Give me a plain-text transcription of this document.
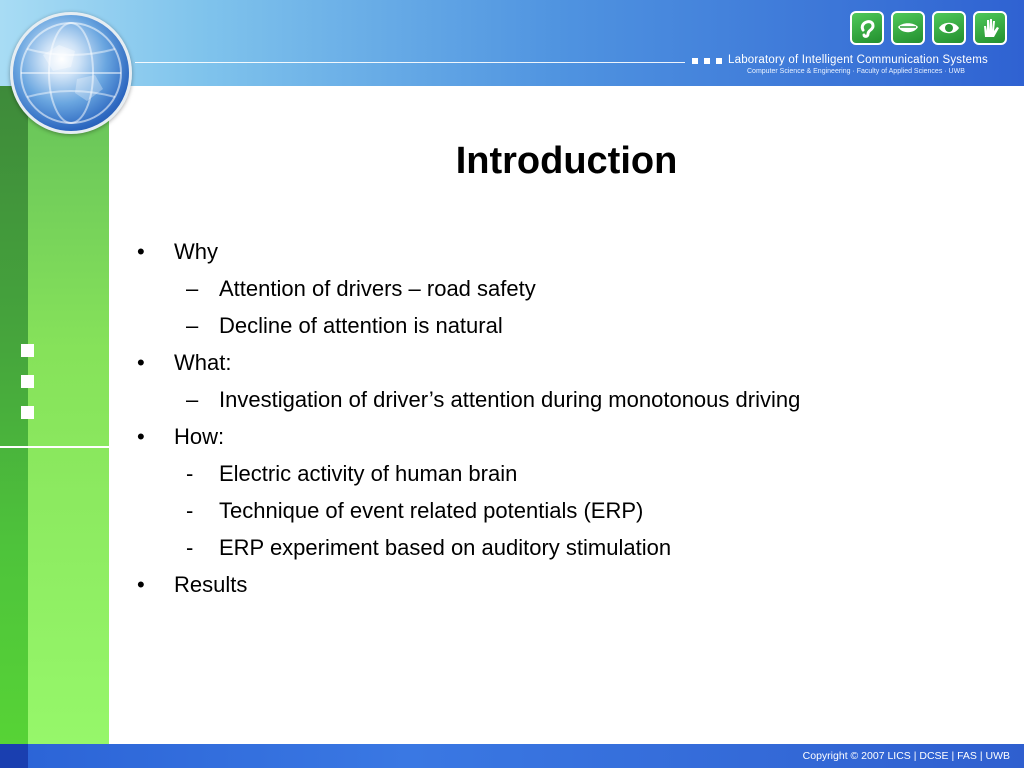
Laboratory of Intelligent Communication Systems
Computer Science & Engineering · Faculty of Applied Sciences · UWB
Introduction
• Why
– Attention of drivers – road safety
– Decline of attention is natural
• What:
– Investigation of driver’s attention during monotonous driving
• How:
- Electric activity of human brain
- Technique of event related potentials (ERP)
- ERP experiment based on auditory stimulation
• Results
Copyright © 2007 LICS | DCSE | FAS | UWB
